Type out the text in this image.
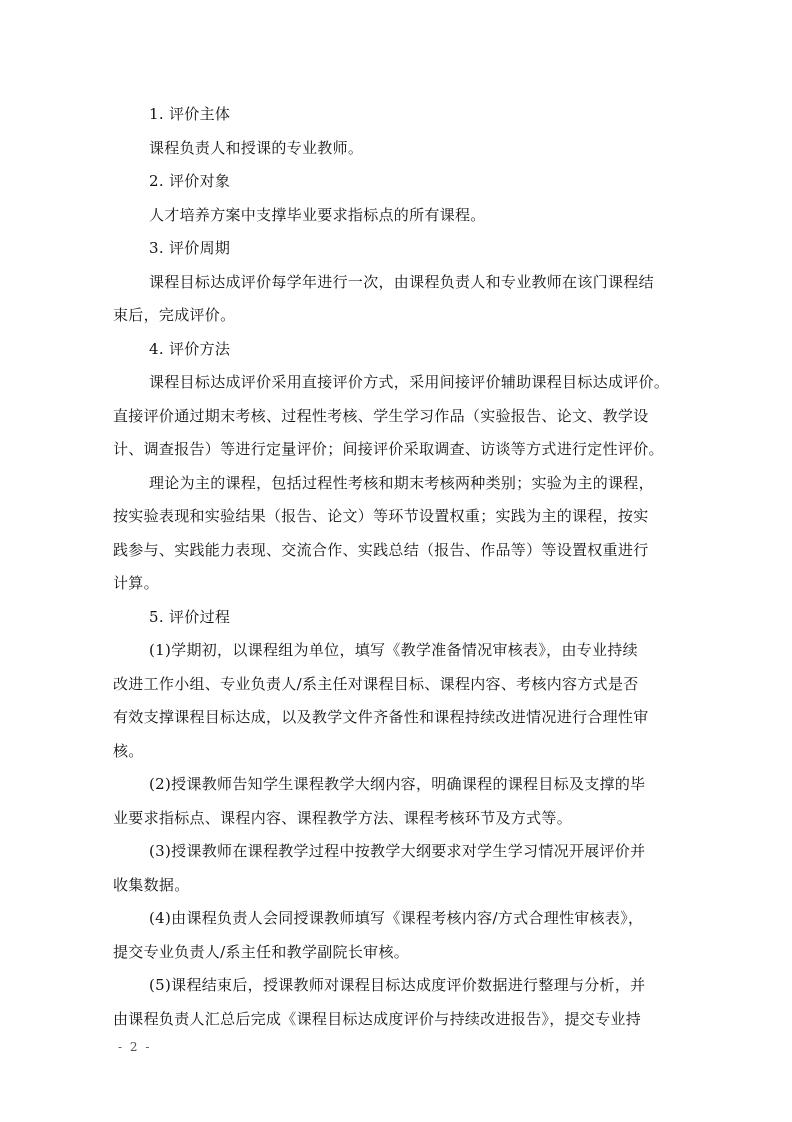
1. 评价主体
课程负责人和授课的专业教师。
2. 评价对象
人才培养方案中支撑毕业要求指标点的所有课程。
3. 评价周期
课程目标达成评价每学年进行一次，由课程负责人和专业教师在该门课程结
束后，完成评价。
4. 评价方法
课程目标达成评价采用直接评价方式，采用间接评价辅助课程目标达成评价。
直接评价通过期末考核、过程性考核、学生学习作品（实验报告、论文、教学设
计、调查报告）等进行定量评价；间接评价采取调查、访谈等方式进行定性评价。
理论为主的课程，包括过程性考核和期末考核两种类别；实验为主的课程，
按实验表现和实验结果（报告、论文）等环节设置权重；实践为主的课程，按实
践参与、实践能力表现、交流合作、实践总结（报告、作品等）等设置权重进行
计算。
5. 评价过程
(1)学期初，以课程组为单位，填写《教学准备情况审核表》，由专业持续
改进工作小组、专业负责人/系主任对课程目标、课程内容、考核内容方式是否
有效支撑课程目标达成，以及教学文件齐备性和课程持续改进情况进行合理性审
核。
(2)授课教师告知学生课程教学大纲内容，明确课程的课程目标及支撑的毕
业要求指标点、课程内容、课程教学方法、课程考核环节及方式等。
(3)授课教师在课程教学过程中按教学大纲要求对学生学习情况开展评价并
收集数据。
(4)由课程负责人会同授课教师填写《课程考核内容/方式合理性审核表》，
提交专业负责人/系主任和教学副院长审核。
(5)课程结束后，授课教师对课程目标达成度评价数据进行整理与分析，并
由课程负责人汇总后完成《课程目标达成度评价与持续改进报告》，提交专业持
- 2 -
